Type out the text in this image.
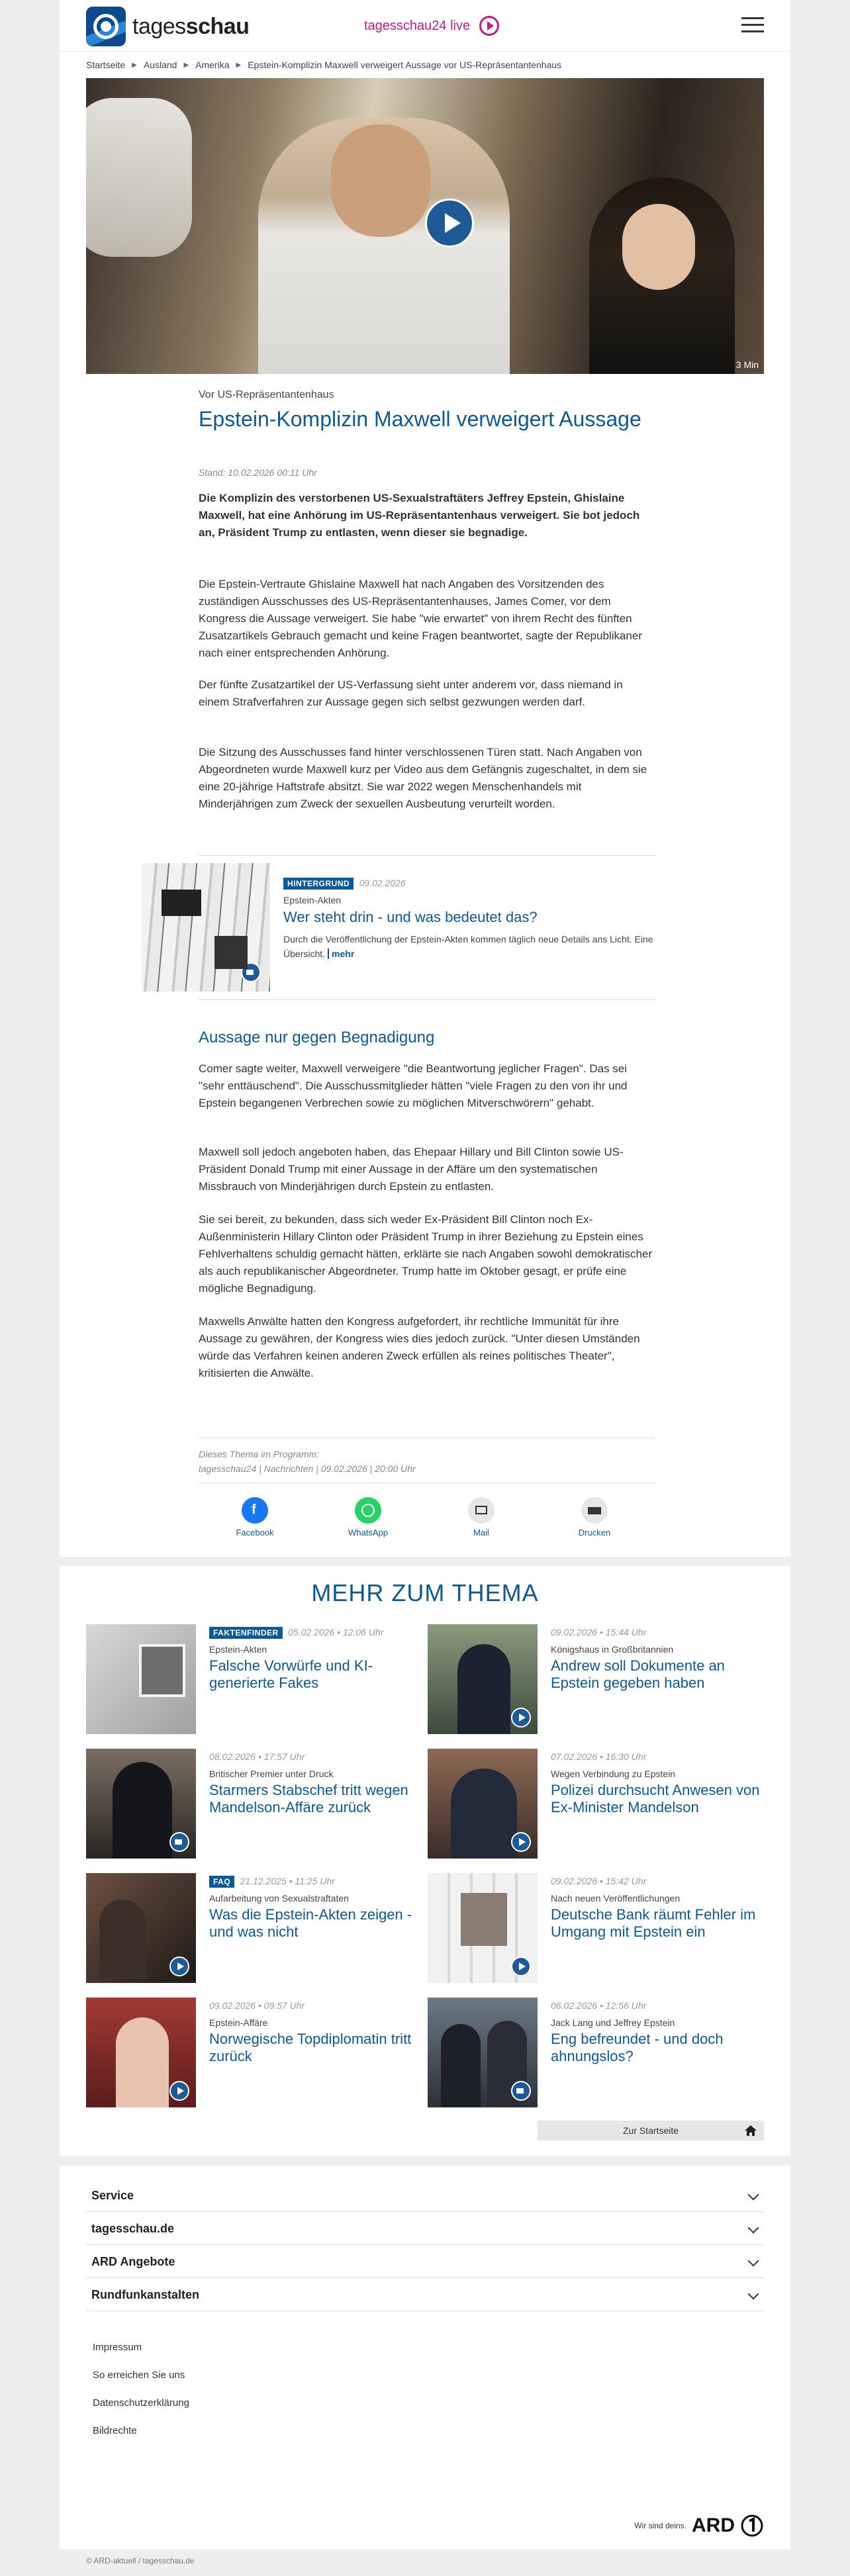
tagesschau	tagesschau24 live
Startseite ▶ Ausland ▶ Amerika ▶ Epstein-Komplizin Maxwell verweigert Aussage vor US-Repräsentantenhaus
3 Min
Vor US-Repräsentantenhaus
Epstein-Komplizin Maxwell verweigert Aussage
Stand: 10.02.2026 00:11 Uhr

Die Komplizin des verstorbenen US-Sexualstraftäters Jeffrey Epstein, Ghislaine Maxwell, hat eine Anhörung im US-Repräsentantenhaus verweigert. Sie bot jedoch an, Präsident Trump zu entlasten, wenn dieser sie begnadige.

Die Epstein-Vertraute Ghislaine Maxwell hat nach Angaben des Vorsitzenden des zuständigen Ausschusses des US-Repräsentantenhauses, James Comer, vor dem Kongress die Aussage verweigert. Sie habe "wie erwartet" von ihrem Recht des fünften Zusatzartikels Gebrauch gemacht und keine Fragen beantwortet, sagte der Republikaner nach einer entsprechenden Anhörung.

Der fünfte Zusatzartikel der US-Verfassung sieht unter anderem vor, dass niemand in einem Strafverfahren zur Aussage gegen sich selbst gezwungen werden darf.

Die Sitzung des Ausschusses fand hinter verschlossenen Türen statt. Nach Angaben von Abgeordneten wurde Maxwell kurz per Video aus dem Gefängnis zugeschaltet, in dem sie eine 20-jährige Haftstrafe absitzt. Sie war 2022 wegen Menschenhandels mit Minderjährigen zum Zweck der sexuellen Ausbeutung verurteilt worden.

HINTERGRUND 09.02.2026
Epstein-Akten
Wer steht drin - und was bedeutet das?
Durch die Veröffentlichung der Epstein-Akten kommen täglich neue Details ans Licht. Eine Übersicht. mehr
Aussage nur gegen Begnadigung

Comer sagte weiter, Maxwell verweigere "die Beantwortung jeglicher Fragen". Das sei "sehr enttäuschend". Die Ausschussmitglieder hätten "viele Fragen zu den von ihr und Epstein begangenen Verbrechen sowie zu möglichen Mitverschwörern" gehabt.

Maxwell soll jedoch angeboten haben, das Ehepaar Hillary und Bill Clinton sowie US-Präsident Donald Trump mit einer Aussage in der Affäre um den systematischen Missbrauch von Minderjährigen durch Epstein zu entlasten.

Sie sei bereit, zu bekunden, dass sich weder Ex-Präsident Bill Clinton noch Ex-Außenministerin Hillary Clinton oder Präsident Trump in ihrer Beziehung zu Epstein eines Fehlverhaltens schuldig gemacht hätten, erklärte sie nach Angaben sowohl demokratischer als auch republikanischer Abgeordneter. Trump hatte im Oktober gesagt, er prüfe eine mögliche Begnadigung.

Maxwells Anwälte hatten den Kongress aufgefordert, ihr rechtliche Immunität für ihre Aussage zu gewähren, der Kongress wies dies jedoch zurück. "Unter diesen Umständen würde das Verfahren keinen anderen Zweck erfüllen als reines politisches Theater", kritisierten die Anwälte.

Dieses Thema im Programm:
tagesschau24 | Nachrichten | 09.02.2026 | 20:00 Uhr
f
Facebook	WhatsApp	Mail	Drucken
MEHR ZUM THEMA
FAKTENFINDER 05.02.2026 • 12:06 Uhr
Epstein-Akten
Falsche Vorwürfe und KI-generierte Fakes
09.02.2026 • 15:44 Uhr
Königshaus in Großbritannien
Andrew soll Dokumente an Epstein gegeben haben
08.02.2026 • 17:57 Uhr
Britischer Premier unter Druck
Starmers Stabschef tritt wegen Mandelson-Affäre zurück
07.02.2026 • 16:30 Uhr
Wegen Verbindung zu Epstein
Polizei durchsucht Anwesen von Ex-Minister Mandelson
FAQ 21.12.2025 • 11:25 Uhr
Aufarbeitung von Sexualstraftaten
Was die Epstein-Akten zeigen - und was nicht
09.02.2026 • 15:42 Uhr
Nach neuen Veröffentlichungen
Deutsche Bank räumt Fehler im Umgang mit Epstein ein
09.02.2026 • 09:57 Uhr
Epstein-Affäre
Norwegische Topdiplomatin tritt zurück
06.02.2026 • 12:56 Uhr
Jack Lang und Jeffrey Epstein
Eng befreundet - und doch ahnungslos?
Zur Startseite
Service
tagesschau.de
ARD Angebote
Rundfunkanstalten
Impressum
So erreichen Sie uns
Datenschutzerklärung
Bildrechte
Wir sind deins. ARD
© ARD-aktuell / tagesschau.de
